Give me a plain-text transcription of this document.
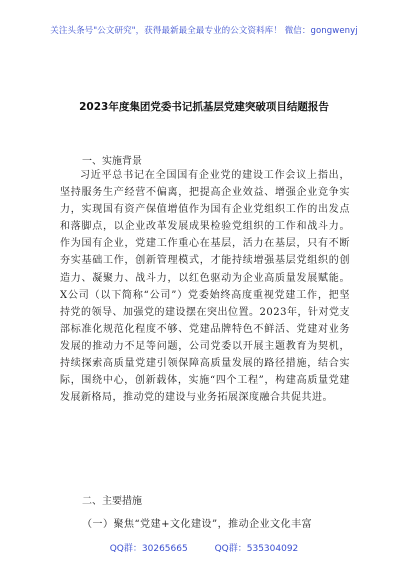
关注头条号"公文研究"，获得最新最全最专业的公文资料库！ 微信：gongwenyj
2023年度集团党委书记抓基层党建突破项目结题报告
一、实施背景

习近平总书记在全国国有企业党的建设工作会议上指出，坚持服务生产经营不偏离，把提高企业效益、增强企业竞争实力，实现国有资产保值增值作为国有企业党组织工作的出发点和落脚点，以企业改革发展成果检验党组织的工作和战斗力。作为国有企业，党建工作重心在基层，活力在基层，只有不断夯实基础工作，创新管理模式，才能持续增强基层党组织的创造力、凝聚力、战斗力，以红色驱动为企业高质量发展赋能。X公司（以下简称“公司”）党委始终高度重视党建工作，把坚持党的领导、加强党的建设摆在突出位置。2023年，针对党支部标准化规范化程度不够、党建品牌特色不鲜活、党建对业务发展的推动力不足等问题，公司党委以开展主题教育为契机，持续探索高质量党建引领保障高质量发展的路径措施，结合实际，围绕中心，创新载体，实施“四个工程”，构建高质量党建发展新格局，推动党的建设与业务拓展深度融合共促共进。

二、主要措施
（一）聚焦“党建+文化建设”，推动企业文化丰富
QQ群：30265665	QQ群：535304092
